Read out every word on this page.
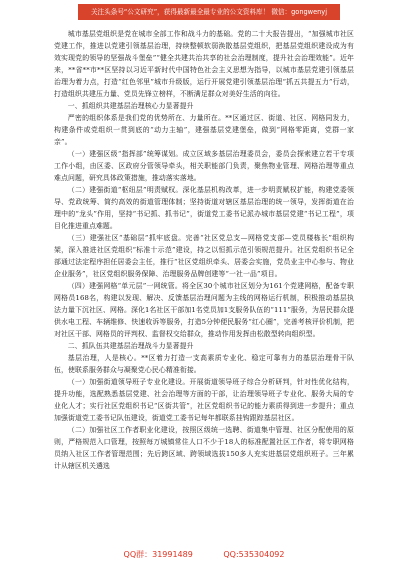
关注头条号“公文研究”，获得最新最全最专业的公文资料库！ 微信：gongwenyj

城市基层党组织是党在城市全部工作和战斗力的基础。党的二十大报告提出，“加强城市社区党建工作，推进以党建引领基层治理，持续整顿软弱涣散基层党组织，把基层党组织建设成为有效实现党的领导的坚强战斗堡垒”“健全共建共治共享的社会治理制度，提升社会治理效能”。近年来，**省**市**区坚持以习近平新时代中国特色社会主义思想为指导，以城市基层党建引领基层治理为着力点，打造“红色邻里”城市升级版，运行开展党建引领基层治理“抓五共提五力”行动，打造组织共建压力量、党员先锋立榜样，不断满足群众对美好生活的向往。

一、抓组织共建基层治理核心力显著提升

严密的组织体系是我们党的优势所在、力量所在。**区通过区、街道、社区、网格同发力，构建条件或党组织一贯到底的“动力主轴”，建强基层党建堡垒，做到“网格零距离，党群一家亲”。

（一）建强区级“指挥部”统筹谋划。成立区域多基层治理委员会，委员会探索建立若干专项工作小组，由区委、区政府分管领导牵头，相关职能部门负责，聚焦物业管理、网格治理等重点难点问题，研究具体政策措施，推动落实落地。

（二）建强街道“枢纽层”明责赋权。深化基层机构改革，进一步明责赋权扩能，构建党委领导、党政统筹、简约高效的街道管理体制；坚持街道对辖区基层治理的统一领导，发挥街道在治理中的“龙头”作用，坚持“书记抓、抓书记”，街道党工委书记派办城市基层党建“书记工程”，项目化推进重点难题。

（三）建强社区“基础层”抓牢底盘。完善“社区党总支—网格党支部—党员楼栋长”组织构架，深入推进社区党组织“标准十示范”建设，持之以恒抓示范引领规范提升。社区党组织书记全部通过法定程序担任居委会主任，推行“社区党组织牵头、居委会实施，党员业主中心参与、物业企业服务”，社区党组织服务保障、治理服务品牌创建等“一社一品”项目。

（四）建强网格“单元层”一网统管。将全区30个城市社区划分为161个党建网格，配备专职网格员168名，构建以发现、解决、反馈基层治理问题为主线的网格运行机制，积极推动基层执法力量下沉社区、网格。深化1名社区干部加1名党员加1支服务队伍的“111”服务，为居民群众提供水电工程、车辆维修、快速收诉等服务，打造5分钟便民服务“红心圈”，完善考核评价机制，把对社区干部、网格员的评判权、监督权交给群众，推动作用发挥由松散型转向组织型。

二、抓队伍共建基层治理战斗力显著提升

基层治理，人是核心。**区着力打造一支高素质专业化、稳定可靠有力的基层治理骨干队伍，使联系服务群众与凝聚党心民心精准衔接。

（一）加强街道领导班子专业化建设。开展街道领导班子综合分析研判，针对性优化结构，提升功能，选配熟悉基层党建、社会治理等方面的干部，让治理领导班子专业化、服务大局的专业化人才；实行社区党组织书记“区街共管”，社区党组织书记的能力素质得到进一步提升；重点加强街道党工委书记队伍建设，街道党工委书记每年都联系挂钩跟踪基层社区。

（二）加强社区工作者职业化建设，按照区级统一选聘、街道集中管理、社区分配使用的原则，严格规范入口管理，按照每万城镇常住人口不少于18人的标准配置社区工作者，将专职网格员纳入社区工作者管理范围；先后跨区域、跨领域选拔150多人充实进基层党组织班子。三年累计从辖区机关遴选

QQ群：31991489	QQ:535304092
